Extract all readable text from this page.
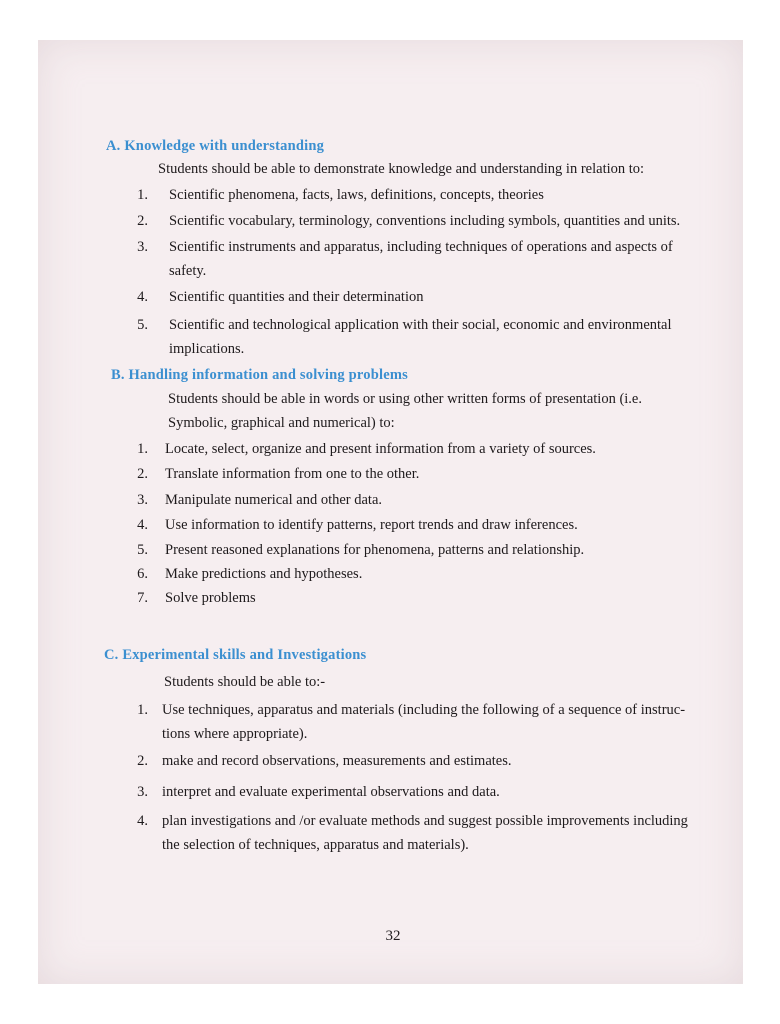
A. Knowledge with understanding
Students should be able to demonstrate knowledge and understanding in relation to:
1. Scientific phenomena, facts, laws, definitions, concepts, theories
2. Scientific vocabulary, terminology, conventions including symbols, quantities and units.
3. Scientific instruments and apparatus, including techniques of operations and aspects of safety.
4. Scientific quantities and their determination
5. Scientific and technological application with their social, economic and environmental implications.
B. Handling information and solving problems
Students should be able in words or using other written forms of presentation (i.e. Symbolic, graphical and numerical) to:
1. Locate, select, organize and present information from a variety of sources.
2. Translate information from one to the other.
3. Manipulate numerical and other data.
4. Use information to identify patterns, report trends and draw inferences.
5. Present reasoned explanations for phenomena, patterns and relationship.
6. Make predictions and hypotheses.
7. Solve problems
C. Experimental skills and Investigations
Students should be able to:-
1. Use techniques, apparatus and materials (including the following of a sequence of instruc- tions where appropriate).
2. make and record observations, measurements and estimates.
3. interpret and evaluate experimental observations and data.
4. plan investigations and /or evaluate methods and suggest possible improvements including the selection of techniques, apparatus and materials).
32
